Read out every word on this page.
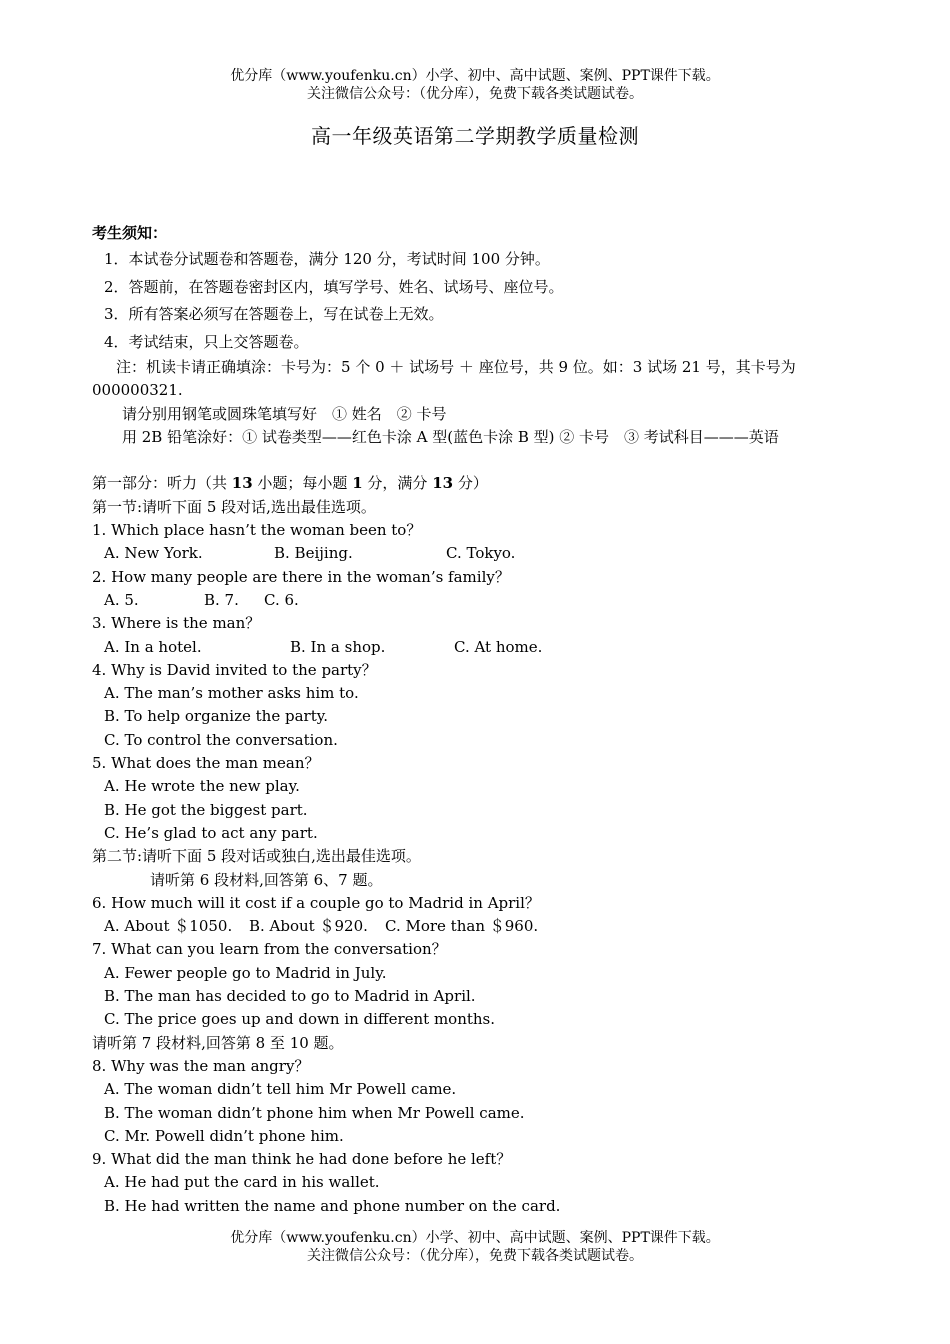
优分库（www.youfenku.cn）小学、初中、高中试题、案例、PPT课件下载。
关注微信公众号：（优分库），免费下载各类试题试卷。
高一年级英语第二学期教学质量检测
考生须知：
1．本试卷分试题卷和答题卷，满分 120 分，考试时间 100 分钟。
2．答题前，在答题卷密封区内，填写学号、姓名、试场号、座位号。
3．所有答案必须写在答题卷上，写在试卷上无效。
4．考试结束，只上交答题卷。
注：机读卡请正确填涂：卡号为：5 个 0 ＋ 试场号 ＋ 座位号，共 9 位。如：3 试场 21 号，其卡号为
000000321.
请分别用钢笔或圆珠笔填写好　① 姓名　② 卡号
用 2B 铅笔涂好：① 试卷类型——红色卡涂 A 型(蓝色卡涂 B 型) ② 卡号　③ 考试科目———英语
第一部分：听力（共 13 小题；每小题 1 分，满分 13 分）
第一节:请听下面 5 段对话,选出最佳选项。
1. Which place hasn’t the woman been to？
A. New York.	B. Beijing.	C. Tokyo.
2. How many people are there in the woman’s family？
A. 5.	B. 7. C. 6.
3. Where is the man？
A. In a hotel.	B. In a shop.	C. At home.
4. Why is David invited to the party？
A. The man’s mother asks him to.
B. To help organize the party.
C. To control the conversation.
5. What does the man mean？
A. He wrote the new play.
B. He got the biggest part.
C. He’s glad to act any part.
第二节:请听下面 5 段对话或独白,选出最佳选项。
请听第 6 段材料,回答第 6、7 题。
6. How much will it cost if a couple go to Madrid in April？
A. About ＄1050. B. About ＄920. C. More than ＄960.
7. What can you learn from the conversation？
A. Fewer people go to Madrid in July.
B. The man has decided to go to Madrid in April.
C. The price goes up and down in different months.
请听第 7 段材料,回答第 8 至 10 题。
8. Why was the man angry？
A. The woman didn’t tell him Mr Powell came.
B. The woman didn’t phone him when Mr Powell came.
C. Mr. Powell didn’t phone him.
9. What did the man think he had done before he left？
A. He had put the card in his wallet.
B. He had written the name and phone number on the card.
优分库（www.youfenku.cn）小学、初中、高中试题、案例、PPT课件下载。
关注微信公众号：（优分库），免费下载各类试题试卷。
